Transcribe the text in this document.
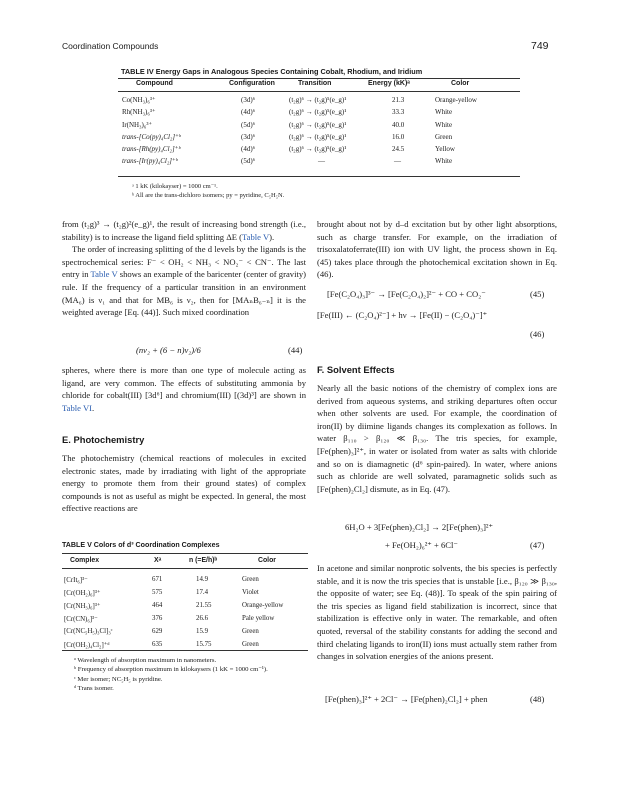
Coordination Compounds	749
TABLE IV Energy Gaps in Analogous Species Containing Cobalt, Rhodium, and Iridium
Compound	Configuration	Transition	Energy (kK)ᵃ	Color
Co(NH₃)₆³⁺	(3d)⁶	(t₂g)⁶ → (t₂g)⁵(e_g)¹	21.3	Orange-yellow
Rh(NH₃)₆³⁺	(4d)⁶	(t₂g)⁶ → (t₂g)⁵(e_g)¹	33.3	White
Ir(NH₃)₆³⁺	(5d)⁶	(t₂g)⁶ → (t₂g)⁵(e_g)¹	40.0	White
trans-[Co(py)₄Cl₂]⁺ᵇ	(3d)⁶	(t₂g)⁶ → (t₂g)⁵(e_g)¹	16.0	Green
trans-[Rh(py)₄Cl₂]⁺ᵇ	(4d)⁶	(t₂g)⁶ → (t₂g)⁵(e_g)¹	24.5	Yellow
trans-[Ir(py)₄Cl₂]⁺ᵇ	(5d)⁶	—	—	White
ᵃ 1 kK (kilokayser) = 1000 cm⁻¹.
ᵇ All are the trans-dichloro isomers; py = pyridine, C₅H₅N.

from (t₂g)³ → (t₂g)²(e_g)¹, the result of increasing bond strength (i.e., stability) is to increase the ligand field splitting ΔE (Table V).

The order of increasing splitting of the d levels by the ligands is the spectrochemical series: F⁻ < OH₂ < NH₃ < NO₂⁻ < CN⁻. The last entry in Table V shows an example of the baricenter (center of gravity) rule. If the frequency of a particular transition in an environment (MA₆) is ν₁ and that for MB₆ is ν₂, then for [MAₙB₆₋ₙ] it is the weighted average [Eq. (44)]. Such mixed coordination

(nν₂ + (6 − n)ν₂)/6	(44)

spheres, where there is more than one type of molecule acting as ligand, are very common. The effects of substituting ammonia by chloride for cobalt(III) [3d⁶] and chromium(III) [(3d)³] are shown in Table VI.

E. Photochemistry

The photochemistry (chemical reactions of molecules in excited electronic states, made by irradiating with light of the appropriate energy to promote them from their ground states) of complex compounds is not as useful as might be expected. In general, the most effective reactions are

TABLE V Colors of d³ Coordination Complexes
Complex	Xᵃ	n (=E/h)ᵇ	Color
[CrIt₆]³⁻	671	14.9	Green
[Cr(OH₂)₆]³⁺	575	17.4	Violet
[Cr(NH₃)₆]³⁺	464	21.55	Orange-yellow
[Cr(CN)₆]³⁻	376	26.6	Pale yellow
[Cr(NC₅H₅)₃Cl]₃ᶜ	629	15.9	Green
[Cr(OH₂)₄Cl₂]⁺ᵈ	635	15.75	Green
ᵃ Wavelength of absorption maximum in nanometers.
ᵇ Frequency of absorption maximum in kilokaysers (1 kK = 1000 cm⁻¹).
ᶜ Mer isomer; NC₅H₅ is pyridine.
ᵈ Trans isomer.

brought about not by d–d excitation but by other light absorptions, such as charge transfer. For example, on the irradiation of trisoxalatoferrate(III) ion with UV light, the process shown in Eq. (45) takes place through the photochemical excitation shown in Eq. (46).

[Fe(C₂O₄)₃]³⁻ → [Fe(C₂O₄)₂]²⁻ + CO + CO₂⁻	(45)
[Fe(III) ← (C₂O₄)²⁻] + hν → [Fe(II) − (C₂O₄)⁻]⁺
(46)
F. Solvent Effects

Nearly all the basic notions of the chemistry of complex ions are derived from aqueous systems, and striking departures often occur when other solvents are used. For example, the coordination of iron(II) by diimine ligands changes its complexation as follows. In water β₁₁₀ > β₁₂₀ ≪ β₁₃₀. The tris species, for example, [Fe(phen)₃]²⁺, in water or isolated from water as salts with chloride and so on is diamagnetic (d⁶ spin-paired). In water, where anions such as chloride are well solvated, paramagnetic solids such as [Fe(phen)₂Cl₂] dismute, as in Eq. (47).

6H₂O + 3[Fe(phen)₂Cl₂] → 2[Fe(phen)₃]²⁺
+ Fe(OH₂)₆²⁺ + 6Cl⁻	(47)

In acetone and similar nonprotic solvents, the bis species is perfectly stable, and it is now the tris species that is unstable [i.e., β₁₂₀ ≫ β₁₃₀, the opposite of water; see Eq. (48)]. To speak of the spin pairing of the tris species as ligand field stabilization is incorrect, since that stabilization is effective only in water. The remarkable, and often quoted, reversal of the stability constants for adding the second and third chelating ligands to iron(II) ions must actually stem rather from changes in solvation energies of the anions present.

[Fe(phen)₃]²⁺ + 2Cl⁻ → [Fe(phen)₂Cl₂] + phen	(48)
